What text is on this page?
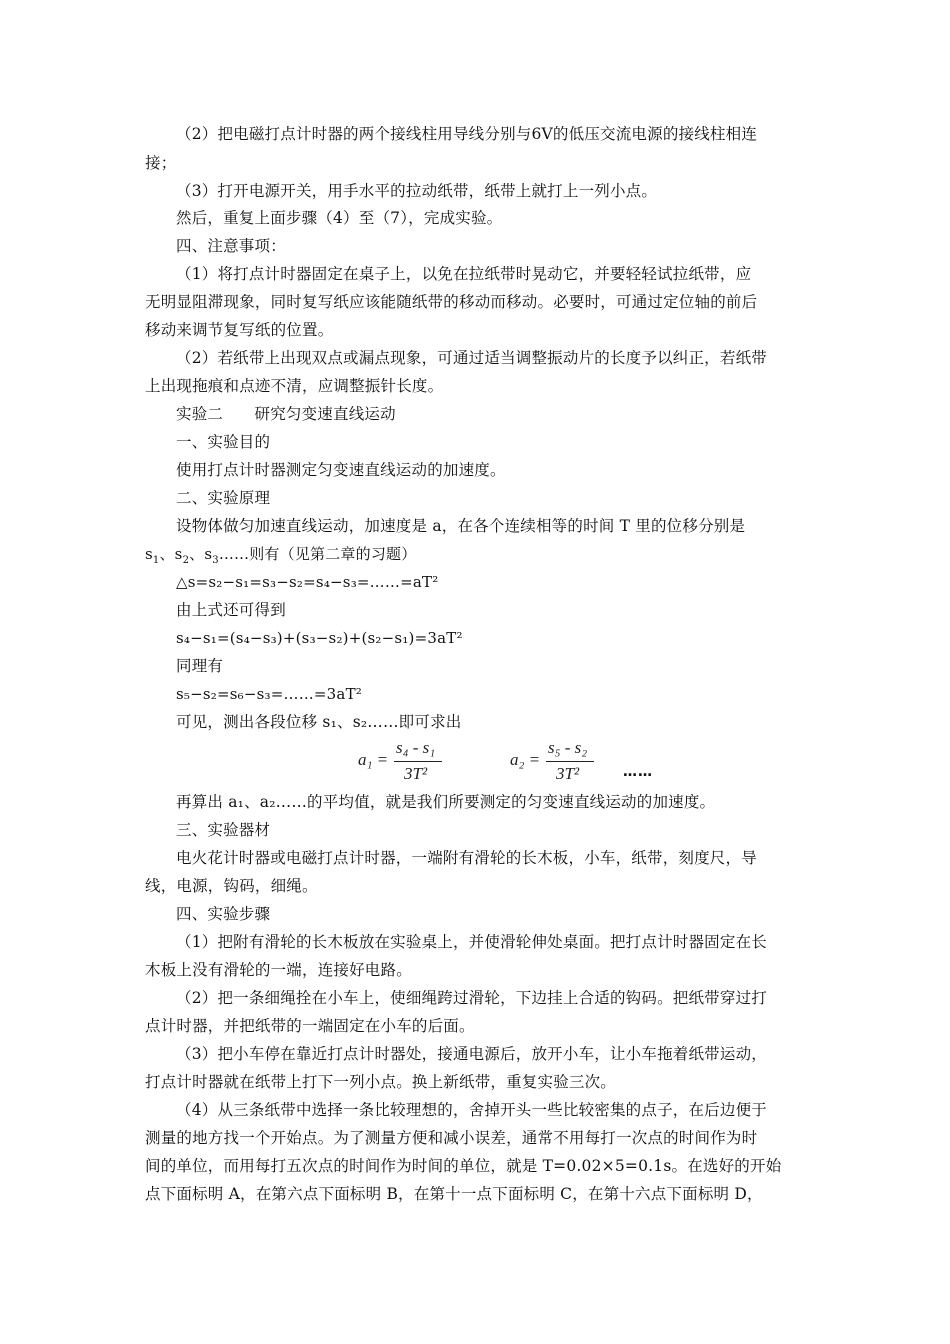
（2）把电磁打点计时器的两个接线柱用导线分别与6V的低压交流电源的接线柱相连
接；
（3）打开电源开关，用手水平的拉动纸带，纸带上就打上一列小点。
然后，重复上面步骤（4）至（7），完成实验。
四、注意事项：
（1）将打点计时器固定在桌子上，以免在拉纸带时晃动它，并要轻轻试拉纸带，应
无明显阻滞现象，同时复写纸应该能随纸带的移动而移动。必要时，可通过定位轴的前后
移动来调节复写纸的位置。
（2）若纸带上出现双点或漏点现象，可通过适当调整振动片的长度予以纠正，若纸带
上出现拖痕和点迹不清，应调整振针长度。
实验二　　研究匀变速直线运动
一、实验目的
使用打点计时器测定匀变速直线运动的加速度。
二、实验原理
设物体做匀加速直线运动，加速度是 a，在各个连续相等的时间 T 里的位移分别是
$s_1$、$s_2$、$s_3\dots\dots$则有（见第二章的习题）
△s=s₂−s₁=s₃−s₂=s₄−s₃=……=aT²
由上式还可得到
s₄−s₁=(s₄−s₃)+(s₃−s₂)+(s₂−s₁)=3aT²
同理有
s₅−s₂=s₆−s₃=……=3aT²
可见，测出各段位移 s₁、s₂……即可求出
a₁ =
s₄ - s₁
3T²
a₂ =
s₅ - s₂
3T²	……
再算出 a₁、a₂……的平均值，就是我们所要测定的匀变速直线运动的加速度。
三、实验器材
电火花计时器或电磁打点计时器，一端附有滑轮的长木板，小车，纸带，刻度尺，导
线，电源，钩码，细绳。
四、实验步骤
（1）把附有滑轮的长木板放在实验桌上，并使滑轮伸处桌面。把打点计时器固定在长
木板上没有滑轮的一端，连接好电路。
（2）把一条细绳拴在小车上，使细绳跨过滑轮，下边挂上合适的钩码。把纸带穿过打
点计时器，并把纸带的一端固定在小车的后面。
（3）把小车停在靠近打点计时器处，接通电源后，放开小车，让小车拖着纸带运动，
打点计时器就在纸带上打下一列小点。换上新纸带，重复实验三次。
（4）从三条纸带中选择一条比较理想的，舍掉开头一些比较密集的点子，在后边便于
测量的地方找一个开始点。为了测量方便和减小误差，通常不用每打一次点的时间作为时
间的单位，而用每打五次点的时间作为时间的单位，就是 T=0.02×5=0.1s。在选好的开始
点下面标明 A，在第六点下面标明 B，在第十一点下面标明 C，在第十六点下面标明 D，
